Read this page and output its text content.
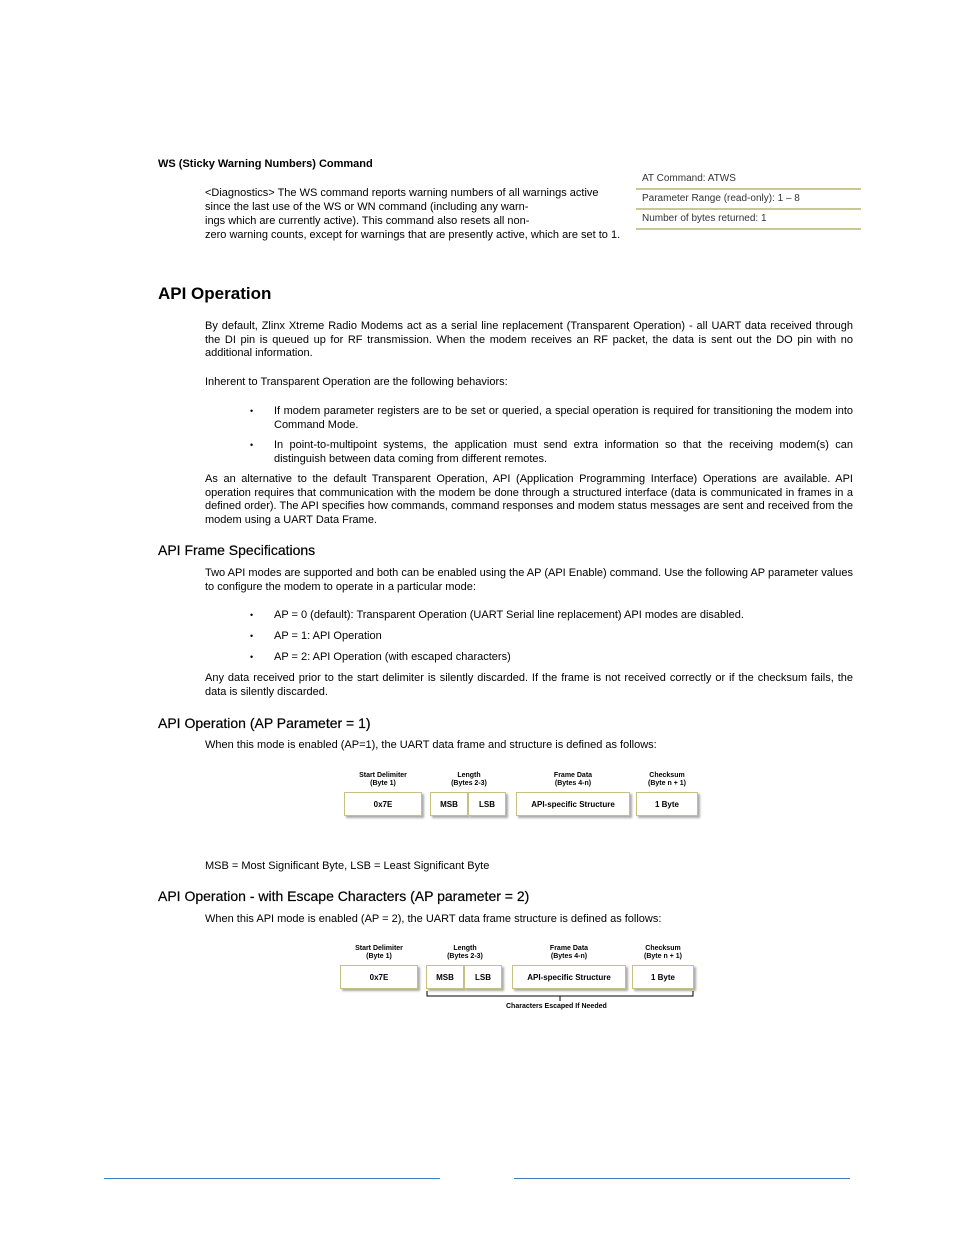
WS (Sticky Warning Numbers) Command
<Diagnostics> The WS command reports warning numbers of all warnings active
since the last use of the WS or WN command (including any warn-
ings which are currently active). This command also resets all non-
zero warning counts, except for warnings that are presently active, which are set to 1.
AT Command: ATWS
Parameter Range (read-only): 1 – 8
Number of bytes returned: 1
API Operation
By default, Zlinx Xtreme Radio Modems act as a serial line replacement (Transparent Operation) - all UART data received through the DI pin is queued up for RF transmission. When the modem receives an RF packet, the data is sent out the DO pin with no additional information.
Inherent to Transparent Operation are the following behaviors:
• If modem parameter registers are to be set or queried, a special operation is required for transitioning the modem into Command Mode.
• In point-to-multipoint systems, the application must send extra information so that the receiving modem(s) can distinguish between data coming from different remotes.
As an alternative to the default Transparent Operation, API (Application Programming Interface) Operations are available. API operation requires that communication with the modem be done through a structured interface (data is communicated in frames in a defined order). The API specifies how commands, command responses and modem status messages are sent and received from the modem using a UART Data Frame.
API Frame Specifications
Two API modes are supported and both can be enabled using the AP (API Enable) command. Use the following AP parameter values to configure the modem to operate in a particular mode:
• AP = 0 (default): Transparent Operation (UART Serial line replacement) API modes are disabled.
• AP = 1: API Operation
• AP = 2: API Operation (with escaped characters)
Any data received prior to the start delimiter is silently discarded. If the frame is not received correctly or if the checksum fails, the data is silently discarded.
API Operation (AP Parameter = 1)
When this mode is enabled (AP=1), the UART data frame and structure is defined as follows:
Start Delimiter
(Byte 1)
0x7E
Length
(Bytes 2-3)
MSB	LSB
Frame Data
(Bytes 4-n)
API-specific Structure
Checksum
(Byte n + 1)
1 Byte
MSB = Most Significant Byte, LSB = Least Significant Byte
API Operation - with Escape Characters (AP parameter = 2)
When this API mode is enabled (AP = 2), the UART data frame structure is defined as follows:
Start Delimiter
(Byte 1)
0x7E
Length
(Bytes 2-3)
MSB	LSB
Frame Data
(Bytes 4-n)
API-specific Structure
Checksum
(Byte n + 1)
1 Byte
Characters Escaped If Needed
